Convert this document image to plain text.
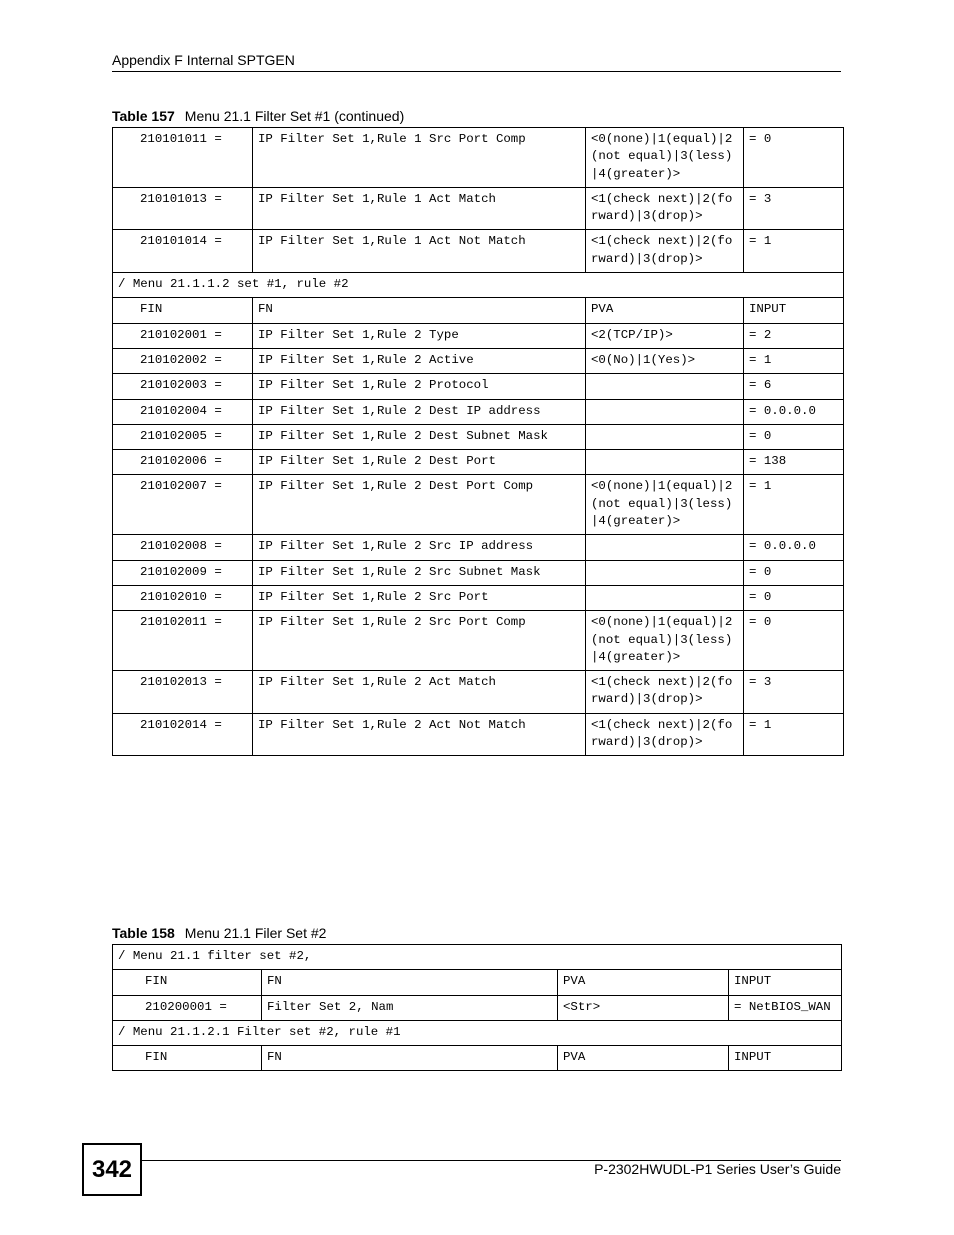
Appendix F Internal SPTGEN
Table 157 Menu 21.1 Filter Set #1 (continued)
210101011 =	IP Filter Set 1,Rule 1 Src Port Comp	<0(none)|1(equal)|2(not equal)|3(less)|4(greater)>	= 0
210101013 =	IP Filter Set 1,Rule 1 Act Match	<1(check next)|2(forward)|3(drop)>	= 3
210101014 =	IP Filter Set 1,Rule 1 Act Not Match	<1(check next)|2(forward)|3(drop)>	= 1
/ Menu 21.1.1.2 set #1, rule #2			
FIN	FN	PVA	INPUT
210102001 =	IP Filter Set 1,Rule 2 Type	<2(TCP/IP)>	= 2
210102002 =	IP Filter Set 1,Rule 2 Active	<0(No)|1(Yes)>	= 1
210102003 =	IP Filter Set 1,Rule 2 Protocol		= 6
210102004 =	IP Filter Set 1,Rule 2 Dest IP address		= 0.0.0.0
210102005 =	IP Filter Set 1,Rule 2 Dest Subnet Mask		= 0
210102006 =	IP Filter Set 1,Rule 2 Dest Port		= 138
210102007 =	IP Filter Set 1,Rule 2 Dest Port Comp	<0(none)|1(equal)|2(not equal)|3(less)|4(greater)>	= 1
210102008 =	IP Filter Set 1,Rule 2 Src IP address		= 0.0.0.0
210102009 =	IP Filter Set 1,Rule 2 Src Subnet Mask		= 0
210102010 =	IP Filter Set 1,Rule 2 Src Port		= 0
210102011 =	IP Filter Set 1,Rule 2 Src Port Comp	<0(none)|1(equal)|2(not equal)|3(less)|4(greater)>	= 0
210102013 =	IP Filter Set 1,Rule 2 Act Match	<1(check next)|2(forward)|3(drop)>	= 3
210102014 =	IP Filter Set 1,Rule 2 Act Not Match	<1(check next)|2(forward)|3(drop)>	= 1
Table 158 Menu 21.1 Filer Set #2
/ Menu 21.1 filter set #2,			
FIN	FN	PVA	INPUT
210200001 =	Filter Set 2, Nam	<Str>	= NetBIOS_WAN
/ Menu 21.1.2.1 Filter set #2, rule #1			
FIN	FN	PVA	INPUT
342	P-2302HWUDL-P1 Series User’s Guide
